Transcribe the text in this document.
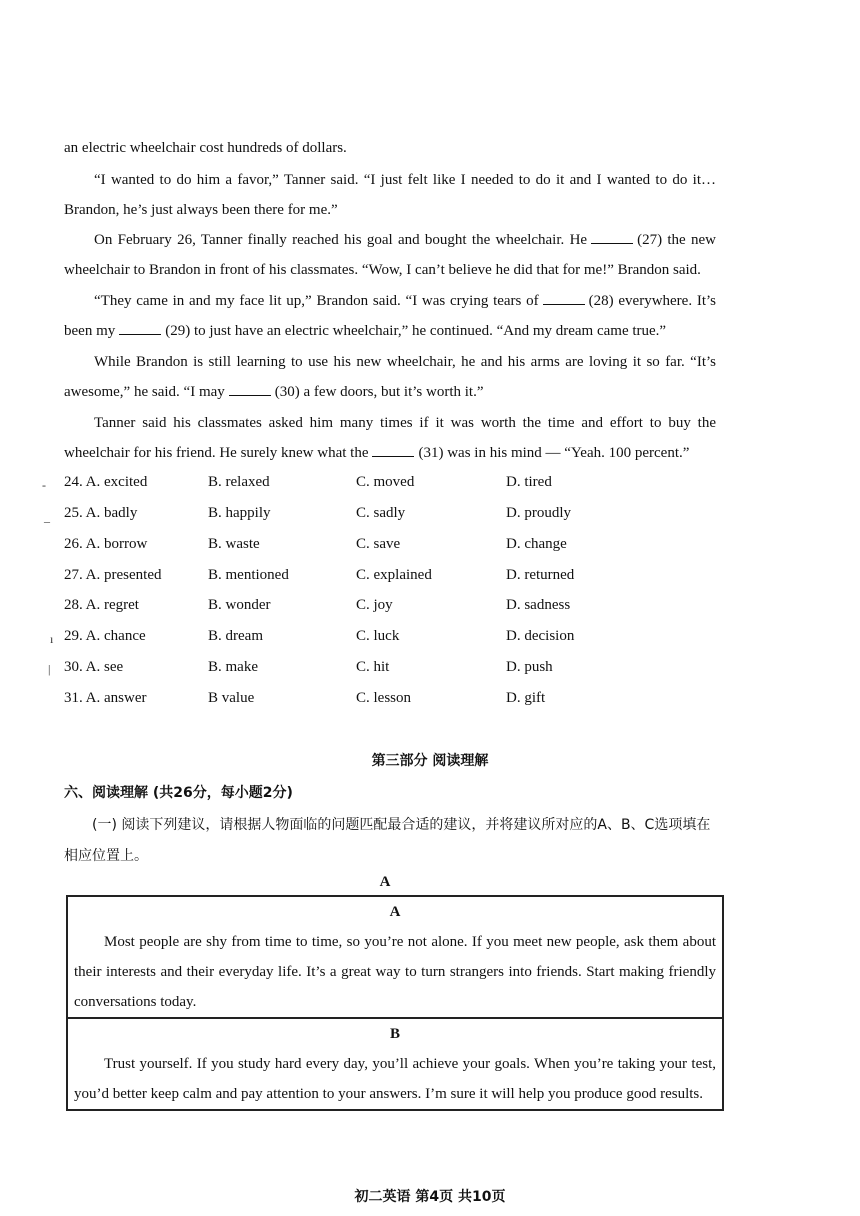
an electric wheelchair cost hundreds of dollars.
“I wanted to do him a favor,” Tanner said. “I just felt like I needed to do it and I wanted to do it… Brandon, he’s just always been there for me.”
On February 26, Tanner finally reached his goal and bought the wheelchair. He	(27) the new wheelchair to Brandon in front of his classmates. “Wow, I can’t believe he did that for me!” Brandon said.
“They came in and my face lit up,” Brandon said. “I was crying tears of	(28) everywhere. It’s been my	(29) to just have an electric wheelchair,” he continued. “And my dream came true.”
While Brandon is still learning to use his new wheelchair, he and his arms are loving it so far. “It’s awesome,” he said. “I may	(30) a few doors, but it’s worth it.”
Tanner said his classmates asked him many times if it was worth the time and effort to buy the wheelchair for his friend. He surely knew what the	(31) was in his mind — “Yeah. 100 percent.”
24. A. excited	B. relaxed	C. moved	D. tired
25. A. badly	B. happily	C. sadly	D. proudly
26. A. borrow	B. waste	C. save	D. change
27. A. presented	B. mentioned	C. explained	D. returned
28. A. regret	B. wonder	C. joy	D. sadness
29. A. chance	B. dream	C. luck	D. decision
30. A. see	B. make	C. hit	D. push
31. A. answer	B value	C. lesson	D. gift
第三部分 阅读理解
六、阅读理解 (共26分，每小题2分)
(一) 阅读下列建议，请根据人物面临的问题匹配最合适的建议，并将建议所对应的A、B、C选项填在相应位置上。
A
A
Most people are shy from time to time, so you’re not alone. If you meet new people, ask them about their interests and their everyday life. It’s a great way to turn strangers into friends. Start making friendly conversations today.
B
Trust yourself. If you study hard every day, you’ll achieve your goals. When you’re taking your test, you’d better keep calm and pay attention to your answers. I’m sure it will help you produce good results.
初二英语 第4页 共10页
-
_
ı
|
